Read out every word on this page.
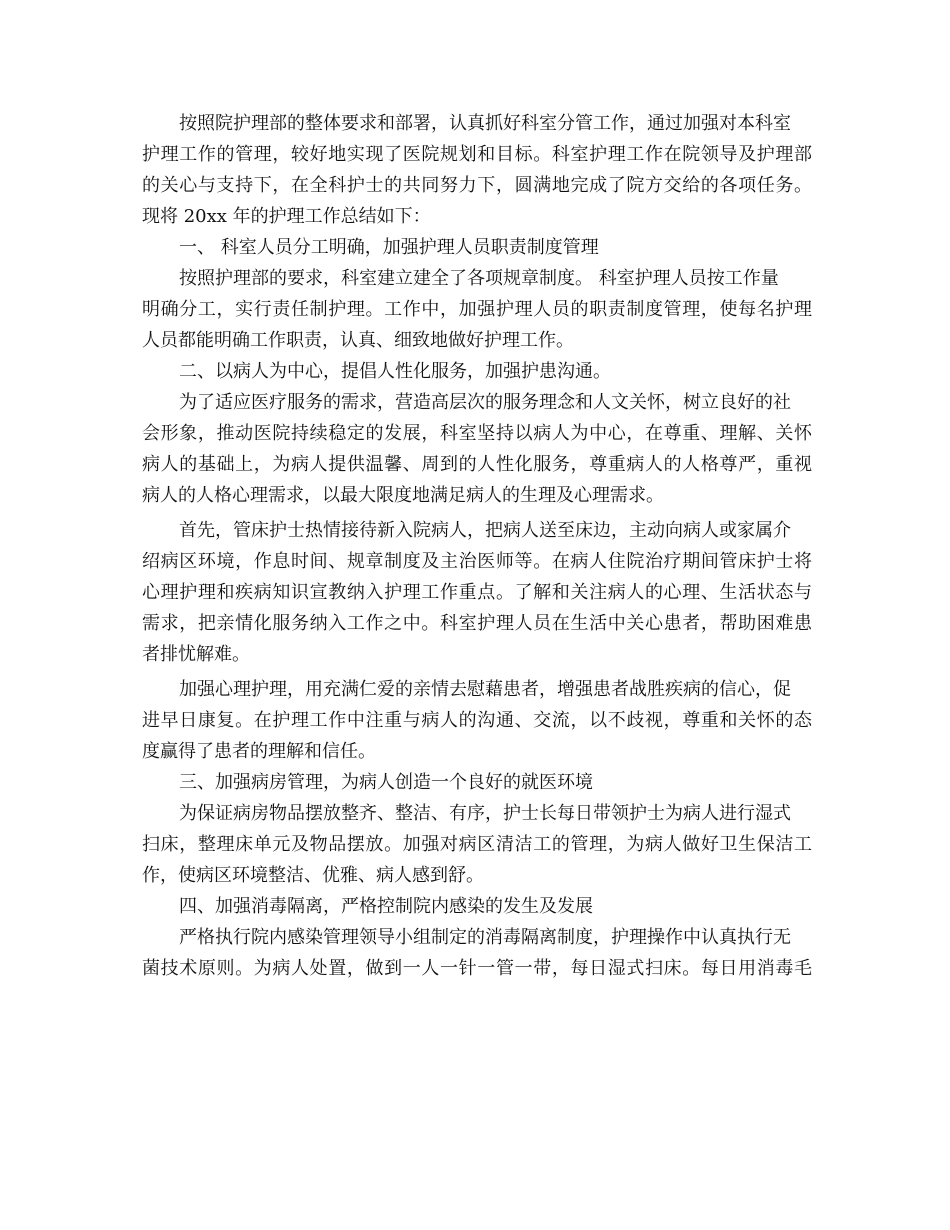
按照院护理部的整体要求和部署，认真抓好科室分管工作，通过加强对本科室
护理工作的管理，较好地实现了医院规划和目标。科室护理工作在院领导及护理部
的关心与支持下，在全科护士的共同努力下，圆满地完成了院方交给的各项任务。
现将 20xx 年的护理工作总结如下：
一、 科室人员分工明确，加强护理人员职责制度管理
按照护理部的要求，科室建立建全了各项规章制度。 科室护理人员按工作量
明确分工，实行责任制护理。工作中，加强护理人员的职责制度管理，使每名护理
人员都能明确工作职责，认真、细致地做好护理工作。
二、以病人为中心，提倡人性化服务，加强护患沟通。
为了适应医疗服务的需求，营造高层次的服务理念和人文关怀，树立良好的社
会形象，推动医院持续稳定的发展，科室坚持以病人为中心，在尊重、理解、关怀
病人的基础上，为病人提供温馨、周到的人性化服务，尊重病人的人格尊严，重视
病人的人格心理需求，以最大限度地满足病人的生理及心理需求。
首先，管床护士热情接待新入院病人，把病人送至床边，主动向病人或家属介
绍病区环境，作息时间、规章制度及主治医师等。在病人住院治疗期间管床护士将
心理护理和疾病知识宣教纳入护理工作重点。了解和关注病人的心理、生活状态与
需求，把亲情化服务纳入工作之中。科室护理人员在生活中关心患者，帮助困难患
者排忧解难。
加强心理护理，用充满仁爱的亲情去慰藉患者，增强患者战胜疾病的信心，促
进早日康复。在护理工作中注重与病人的沟通、交流，以不歧视，尊重和关怀的态
度赢得了患者的理解和信任。
三、加强病房管理，为病人创造一个良好的就医环境
为保证病房物品摆放整齐、整洁、有序，护士长每日带领护士为病人进行湿式
扫床，整理床单元及物品摆放。加强对病区清洁工的管理，为病人做好卫生保洁工
作，使病区环境整洁、优雅、病人感到舒。
四、加强消毒隔离，严格控制院内感染的发生及发展
严格执行院内感染管理领导小组制定的消毒隔离制度，护理操作中认真执行无
菌技术原则。为病人处置，做到一人一针一管一带，每日湿式扫床。每日用消毒毛
